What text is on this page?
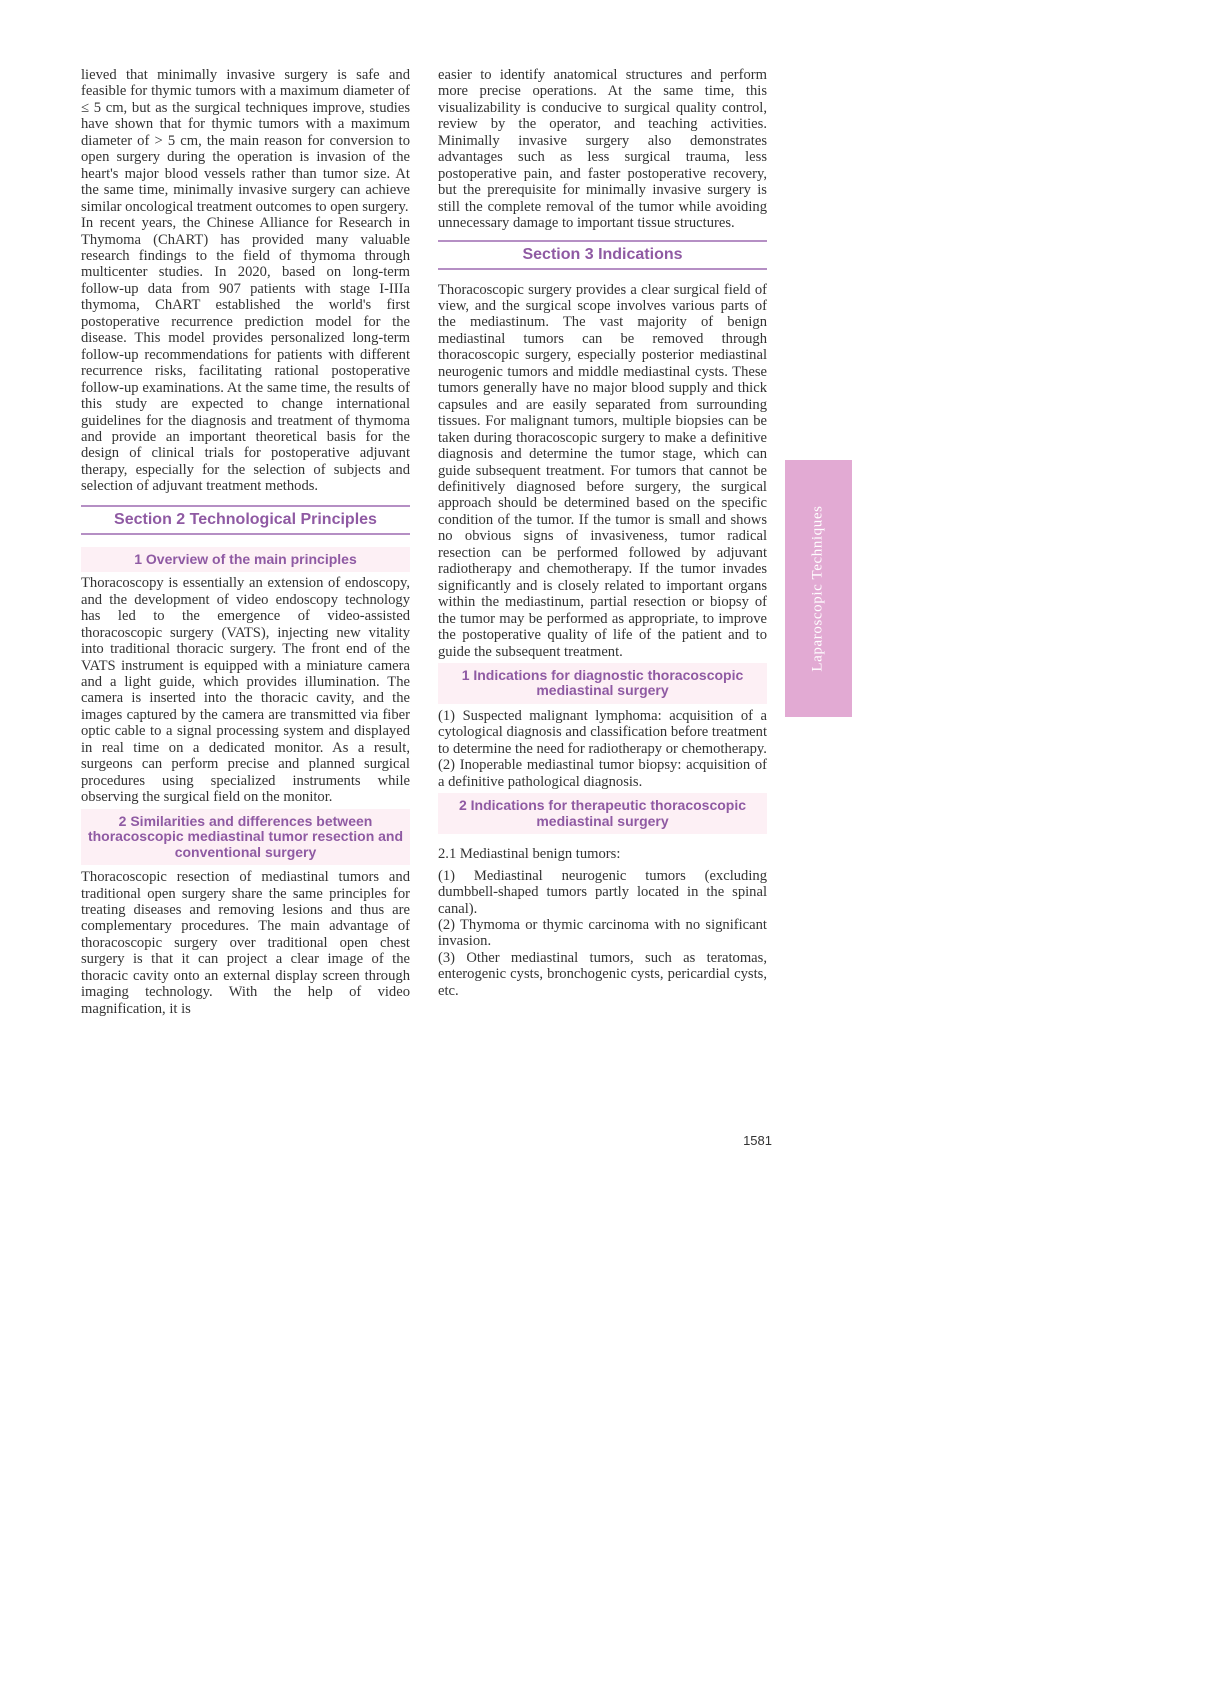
lieved that minimally invasive surgery is safe and feasible for thymic tumors with a maximum diameter of ≤ 5 cm, but as the surgical techniques improve, studies have shown that for thymic tumors with a maximum diameter of > 5 cm, the main reason for conversion to open surgery during the operation is invasion of the heart's major blood vessels rather than tumor size. At the same time, minimally invasive surgery can achieve similar oncological treatment outcomes to open surgery.

In recent years, the Chinese Alliance for Research in Thymoma (ChART) has provided many valuable research findings to the field of thymoma through multicenter studies. In 2020, based on long-term follow-up data from 907 patients with stage I-IIIa thymoma, ChART established the world's first postoperative recurrence prediction model for the disease. This model provides personalized long-term follow-up recommendations for patients with different recurrence risks, facilitating rational postoperative follow-up examinations. At the same time, the results of this study are expected to change international guidelines for the diagnosis and treatment of thymoma and provide an important theoretical basis for the design of clinical trials for postoperative adjuvant therapy, especially for the selection of subjects and selection of adjuvant treatment methods.

Section 2 Technological Principles
1 Overview of the main principles

Thoracoscopy is essentially an extension of endoscopy, and the development of video endoscopy technology has led to the emergence of video-assisted thoracoscopic surgery (VATS), injecting new vitality into traditional thoracic surgery. The front end of the VATS instrument is equipped with a miniature camera and a light guide, which provides illumination. The camera is inserted into the thoracic cavity, and the images captured by the camera are transmitted via fiber optic cable to a signal processing system and displayed in real time on a dedicated monitor. As a result, surgeons can perform precise and planned surgical procedures using specialized instruments while observing the surgical field on the monitor.

2 Similarities and differences between thoracoscopic mediastinal tumor resection and conventional surgery

Thoracoscopic resection of mediastinal tumors and traditional open surgery share the same principles for treating diseases and removing lesions and thus are complementary procedures. The main advantage of thoracoscopic surgery over traditional open chest surgery is that it can project a clear image of the thoracic cavity onto an external display screen through imaging technology. With the help of video magnification, it is

easier to identify anatomical structures and perform more precise operations. At the same time, this visualizability is conducive to surgical quality control, review by the operator, and teaching activities. Minimally invasive surgery also demonstrates advantages such as less surgical trauma, less postoperative pain, and faster postoperative recovery, but the prerequisite for minimally invasive surgery is still the complete removal of the tumor while avoiding unnecessary damage to important tissue structures.

Section 3 Indications

Thoracoscopic surgery provides a clear surgical field of view, and the surgical scope involves various parts of the mediastinum. The vast majority of benign mediastinal tumors can be removed through thoracoscopic surgery, especially posterior mediastinal neurogenic tumors and middle mediastinal cysts. These tumors generally have no major blood supply and thick capsules and are easily separated from surrounding tissues. For malignant tumors, multiple biopsies can be taken during thoracoscopic surgery to make a definitive diagnosis and determine the tumor stage, which can guide subsequent treatment. For tumors that cannot be definitively diagnosed before surgery, the surgical approach should be determined based on the specific condition of the tumor. If the tumor is small and shows no obvious signs of invasiveness, tumor radical resection can be performed followed by adjuvant radiotherapy and chemotherapy. If the tumor invades significantly and is closely related to important organs within the mediastinum, partial resection or biopsy of the tumor may be performed as appropriate, to improve the postoperative quality of life of the patient and to guide the subsequent treatment.

1 Indications for diagnostic thoracoscopic mediastinal surgery

(1) Suspected malignant lymphoma: acquisition of a cytological diagnosis and classification before treatment to determine the need for radiotherapy or chemotherapy.

(2) Inoperable mediastinal tumor biopsy: acquisition of a definitive pathological diagnosis.

2 Indications for therapeutic thoracoscopic mediastinal surgery

2.1 Mediastinal benign tumors:

(1) Mediastinal neurogenic tumors (excluding dumbbell-shaped tumors partly located in the spinal canal).

(2) Thymoma or thymic carcinoma with no significant invasion.

(3) Other mediastinal tumors, such as teratomas, enterogenic cysts, bronchogenic cysts, pericardial cysts, etc.

Laparoscopic Techniques
1581
